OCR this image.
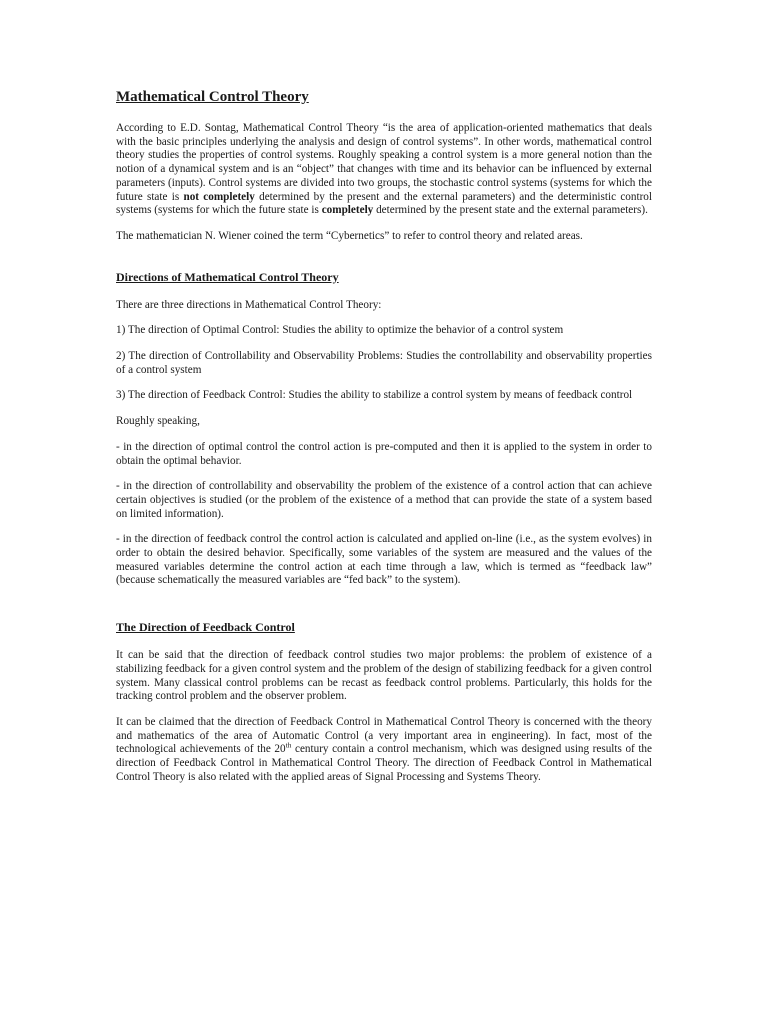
Mathematical Control Theory

According to E.D. Sontag, Mathematical Control Theory “is the area of application-oriented mathematics that deals with the basic principles underlying the analysis and design of control systems”. In other words, mathematical control theory studies the properties of control systems. Roughly speaking a control system is a more general notion than the notion of a dynamical system and is an “object” that changes with time and its behavior can be influenced by external parameters (inputs). Control systems are divided into two groups, the stochastic control systems (systems for which the future state is not completely determined by the present and the external parameters) and the deterministic control systems (systems for which the future state is completely determined by the present state and the external parameters).

The mathematician N. Wiener coined the term “Cybernetics” to refer to control theory and related areas.

Directions of Mathematical Control Theory

There are three directions in Mathematical Control Theory:

1) The direction of Optimal Control: Studies the ability to optimize the behavior of a control system

2) The direction of Controllability and Observability Problems: Studies the controllability and observability properties of a control system

3) The direction of Feedback Control: Studies the ability to stabilize a control system by means of feedback control

Roughly speaking,

- in the direction of optimal control the control action is pre-computed and then it is applied to the system in order to obtain the optimal behavior.

- in the direction of controllability and observability the problem of the existence of a control action that can achieve certain objectives is studied (or the problem of the existence of a method that can provide the state of a system based on limited information).

- in the direction of feedback control the control action is calculated and applied on-line (i.e., as the system evolves) in order to obtain the desired behavior. Specifically, some variables of the system are measured and the values of the measured variables determine the control action at each time through a law, which is termed as “feedback law” (because schematically the measured variables are “fed back” to the system).

The Direction of Feedback Control

It can be said that the direction of feedback control studies two major problems: the problem of existence of a stabilizing feedback for a given control system and the problem of the design of stabilizing feedback for a given control system. Many classical control problems can be recast as feedback control problems. Particularly, this holds for the tracking control problem and the observer problem.

It can be claimed that the direction of Feedback Control in Mathematical Control Theory is concerned with the theory and mathematics of the area of Automatic Control (a very important area in engineering). In fact, most of the technological achievements of the 20th century contain a control mechanism, which was designed using results of the direction of Feedback Control in Mathematical Control Theory. The direction of Feedback Control in Mathematical Control Theory is also related with the applied areas of Signal Processing and Systems Theory.
